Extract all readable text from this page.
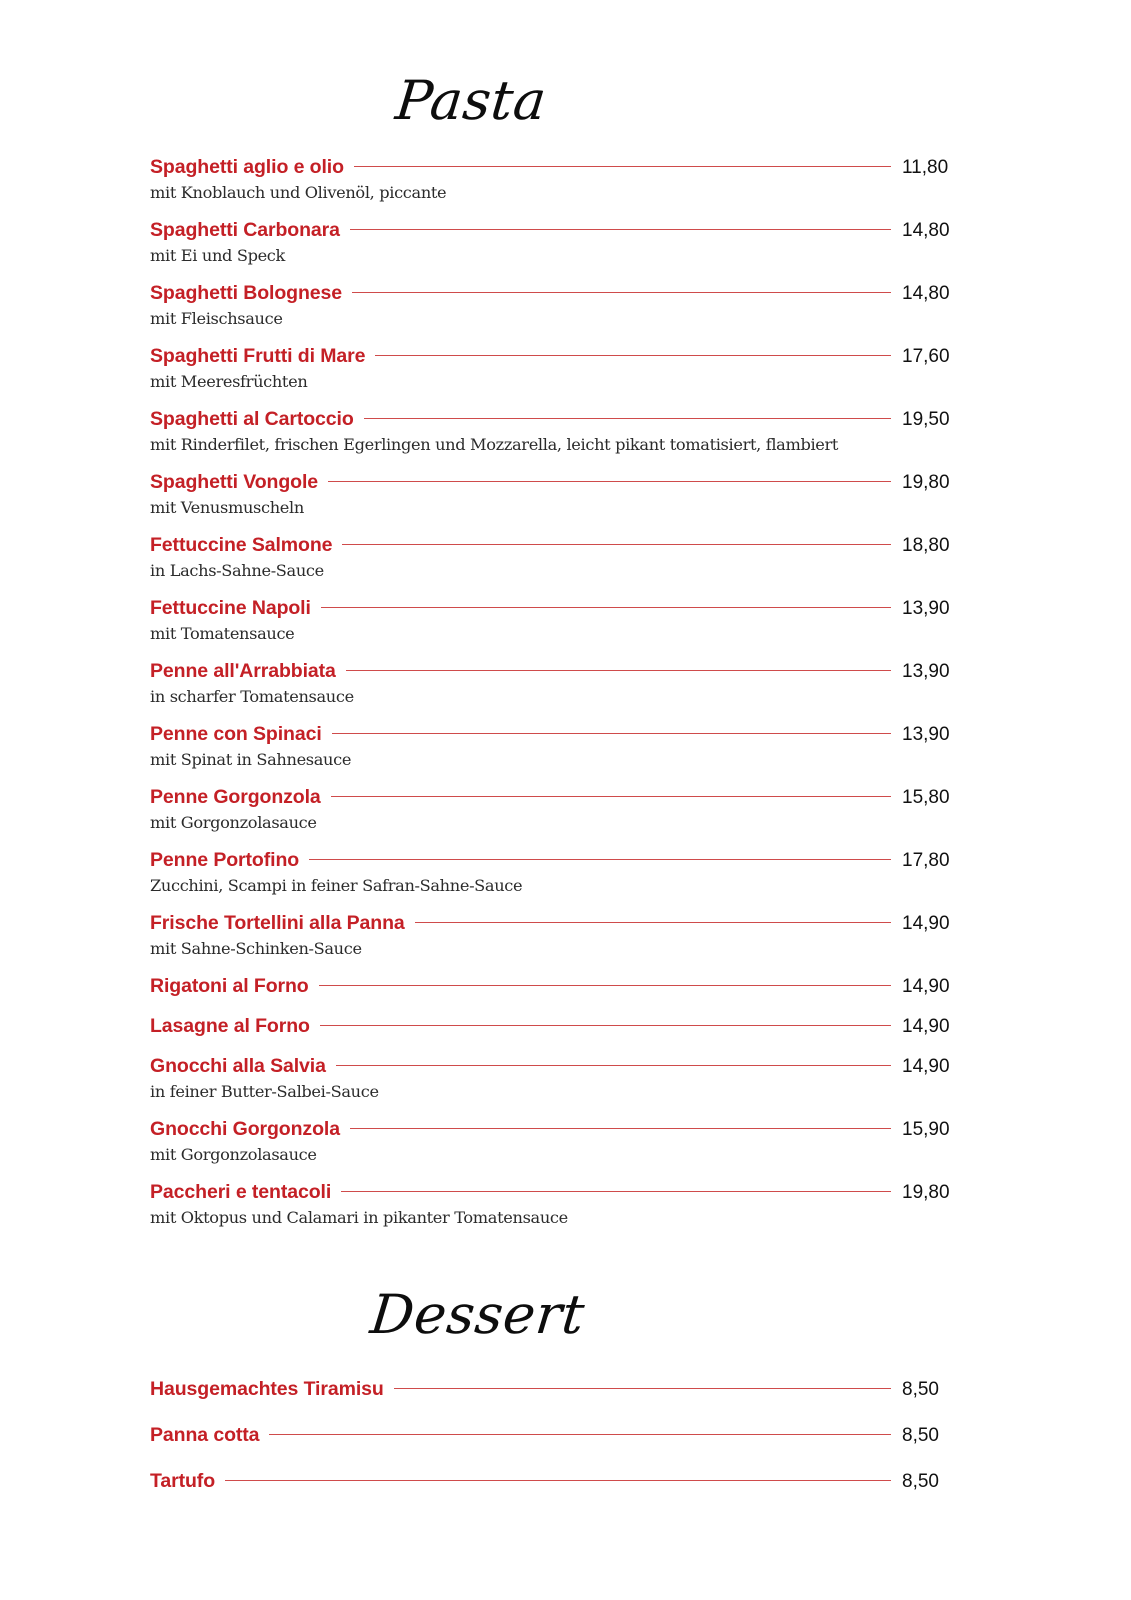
Pasta
Spaghetti aglio e olio	11,80
mit Knoblauch und Olivenöl, piccante
Spaghetti Carbonara	14,80
mit Ei und Speck
Spaghetti Bolognese	14,80
mit Fleischsauce
Spaghetti Frutti di Mare	17,60
mit Meeresfrüchten
Spaghetti al Cartoccio	19,50
mit Rinderfilet, frischen Egerlingen und Mozzarella, leicht pikant tomatisiert, flambiert
Spaghetti Vongole	19,80
mit Venusmuscheln
Fettuccine Salmone	18,80
in Lachs-Sahne-Sauce
Fettuccine Napoli	13,90
mit Tomatensauce
Penne all'Arrabbiata	13,90
in scharfer Tomatensauce
Penne con Spinaci	13,90
mit Spinat in Sahnesauce
Penne Gorgonzola	15,80
mit Gorgonzolasauce
Penne Portofino	17,80
Zucchini, Scampi in feiner Safran-Sahne-Sauce
Frische Tortellini alla Panna	14,90
mit Sahne-Schinken-Sauce
Rigatoni al Forno	14,90
Lasagne al Forno	14,90
Gnocchi alla Salvia	14,90
in feiner Butter-Salbei-Sauce
Gnocchi Gorgonzola	15,90
mit Gorgonzolasauce
Paccheri e tentacoli	19,80
mit Oktopus und Calamari in pikanter Tomatensauce
Dessert
Hausgemachtes Tiramisu	8,50
Panna cotta	8,50
Tartufo	8,50
